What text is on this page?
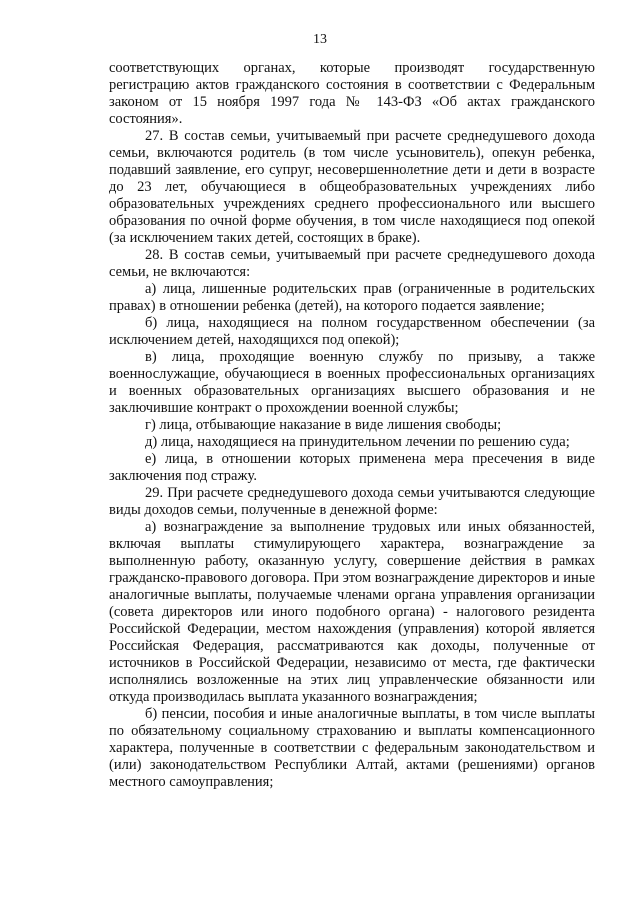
13

соответствующих органах, которые производят государственную регистрацию актов гражданского состояния в соответствии с Федеральным законом от 15 ноября 1997 года № 143-ФЗ «Об актах гражданского состояния».

27. В состав семьи, учитываемый при расчете среднедушевого дохода семьи, включаются родитель (в том числе усыновитель), опекун ребенка, подавший заявление, его супруг, несовершеннолетние дети и дети в возрасте до 23 лет, обучающиеся в общеобразовательных учреждениях либо образовательных учреждениях среднего профессионального или высшего образования по очной форме обучения, в том числе находящиеся под опекой (за исключением таких детей, состоящих в браке).

28. В состав семьи, учитываемый при расчете среднедушевого дохода семьи, не включаются:

а) лица, лишенные родительских прав (ограниченные в родительских правах) в отношении ребенка (детей), на которого подается заявление;

б) лица, находящиеся на полном государственном обеспечении (за исключением детей, находящихся под опекой);

в) лица, проходящие военную службу по призыву, а также военнослужащие, обучающиеся в военных профессиональных организациях и военных образовательных организациях высшего образования и не заключившие контракт о прохождении военной службы;

г) лица, отбывающие наказание в виде лишения свободы;

д) лица, находящиеся на принудительном лечении по решению суда;

е) лица, в отношении которых применена мера пресечения в виде заключения под стражу.

29. При расчете среднедушевого дохода семьи учитываются следующие виды доходов семьи, полученные в денежной форме:

а) вознаграждение за выполнение трудовых или иных обязанностей, включая выплаты стимулирующего характера, вознаграждение за выполненную работу, оказанную услугу, совершение действия в рамках гражданско-правового договора. При этом вознаграждение директоров и иные аналогичные выплаты, получаемые членами органа управления организации (совета директоров или иного подобного органа) - налогового резидента Российской Федерации, местом нахождения (управления) которой является Российская Федерация, рассматриваются как доходы, полученные от источников в Российской Федерации, независимо от места, где фактически исполнялись возложенные на этих лиц управленческие обязанности или откуда производилась выплата указанного вознаграждения;

б) пенсии, пособия и иные аналогичные выплаты, в том числе выплаты по обязательному социальному страхованию и выплаты компенсационного характера, полученные в соответствии с федеральным законодательством и (или) законодательством Республики Алтай, актами (решениями) органов местного самоуправления;
